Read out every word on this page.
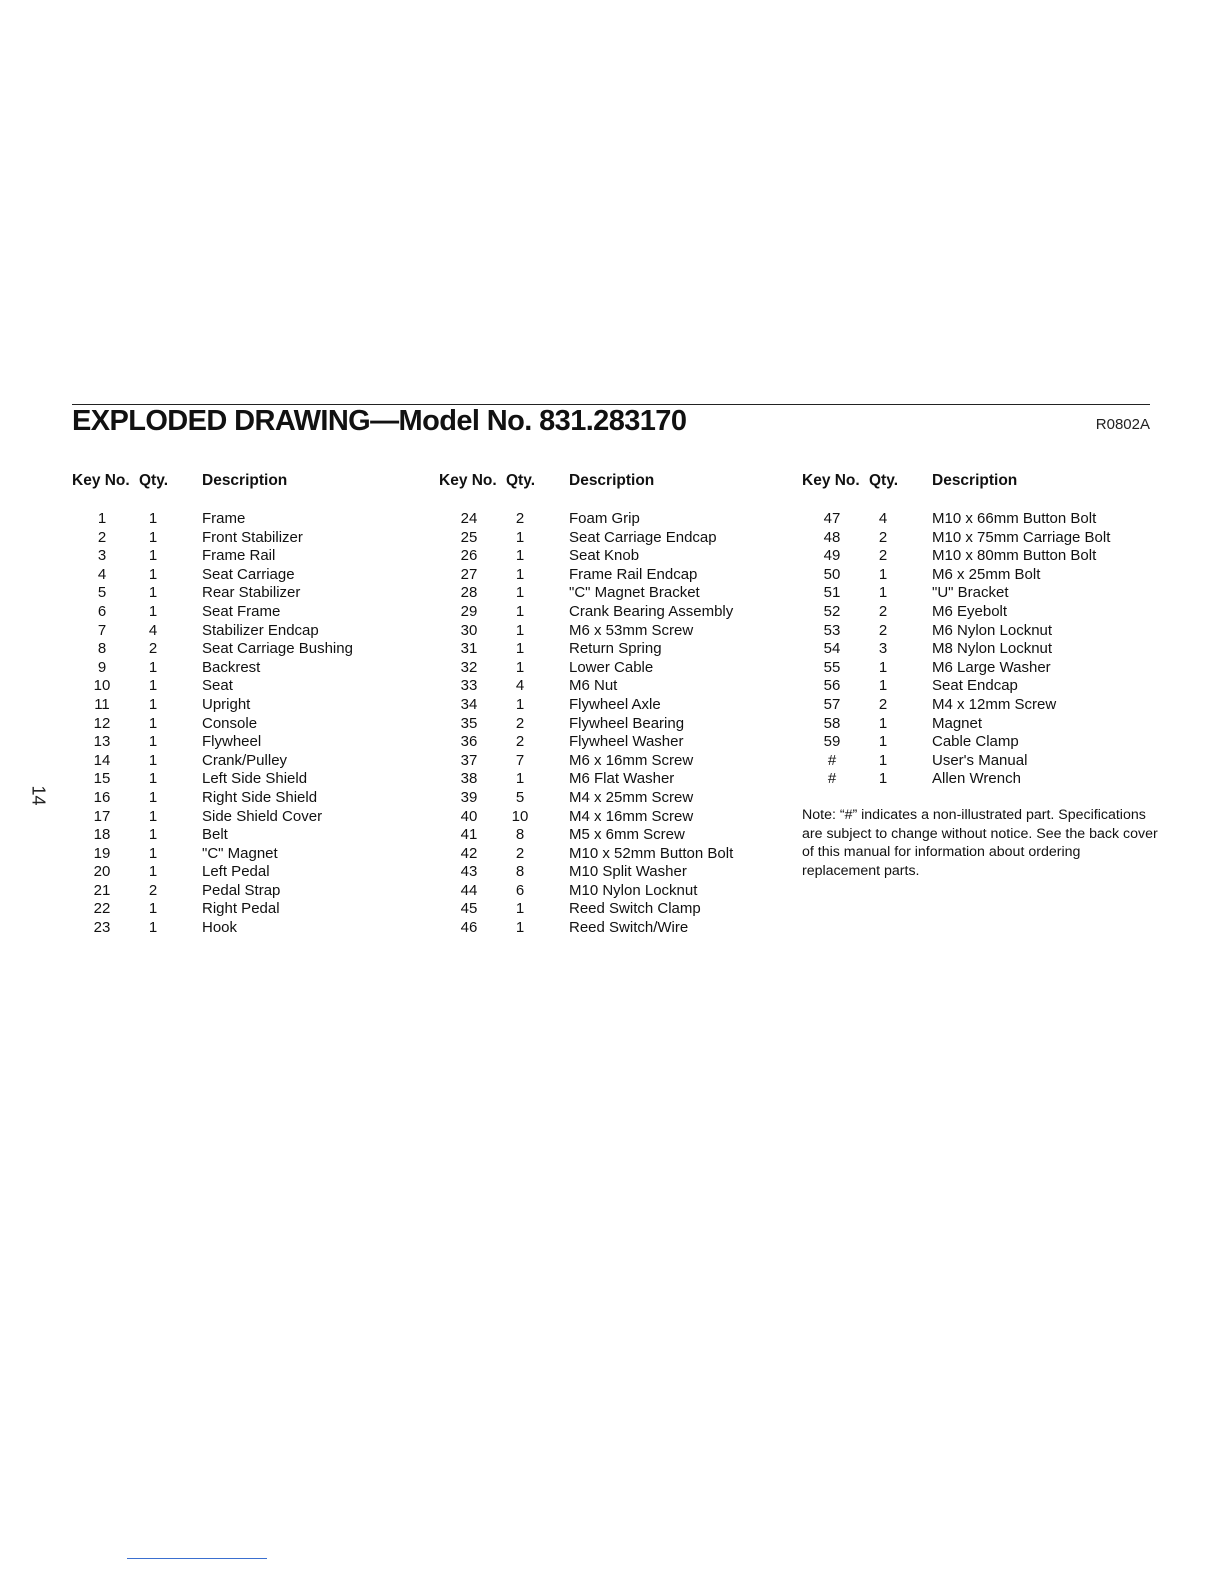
EXPLODED DRAWING—Model No. 831.283170	R0802A
14
Key No. Qty.	Description
1	1	Frame
2	1	Front Stabilizer
3	1	Frame Rail
4	1	Seat Carriage
5	1	Rear Stabilizer
6	1	Seat Frame
7	4	Stabilizer Endcap
8	2	Seat Carriage Bushing
9	1	Backrest
10	1	Seat
11	1	Upright
12	1	Console
13	1	Flywheel
14	1	Crank/Pulley
15	1	Left Side Shield
16	1	Right Side Shield
17	1	Side Shield Cover
18	1	Belt
19	1	"C" Magnet
20	1	Left Pedal
21	2	Pedal Strap
22	1	Right Pedal
23	1	Hook
Key No. Qty.	Description
24	2	Foam Grip
25	1	Seat Carriage Endcap
26	1	Seat Knob
27	1	Frame Rail Endcap
28	1	"C" Magnet Bracket
29	1	Crank Bearing Assembly
30	1	M6 x 53mm Screw
31	1	Return Spring
32	1	Lower Cable
33	4	M6 Nut
34	1	Flywheel Axle
35	2	Flywheel Bearing
36	2	Flywheel Washer
37	7	M6 x 16mm Screw
38	1	M6 Flat Washer
39	5	M4 x 25mm Screw
40	10	M4 x 16mm Screw
41	8	M5 x 6mm Screw
42	2	M10 x 52mm Button Bolt
43	8	M10 Split Washer
44	6	M10 Nylon Locknut
45	1	Reed Switch Clamp
46	1	Reed Switch/Wire
Key No. Qty.	Description
47	4	M10 x 66mm Button Bolt
48	2	M10 x 75mm Carriage Bolt
49	2	M10 x 80mm Button Bolt
50	1	M6 x 25mm Bolt
51	1	"U" Bracket
52	2	M6 Eyebolt
53	2	M6 Nylon Locknut
54	3	M8 Nylon Locknut
55	1	M6 Large Washer
56	1	Seat Endcap
57	2	M4 x 12mm Screw
58	1	Magnet
59	1	Cable Clamp
#	1	User's Manual
#	1	Allen Wrench

Note: “#” indicates a non-illustrated part. Specifications are subject to change without notice. See the back cover of this manual for information about ordering replacement parts.
